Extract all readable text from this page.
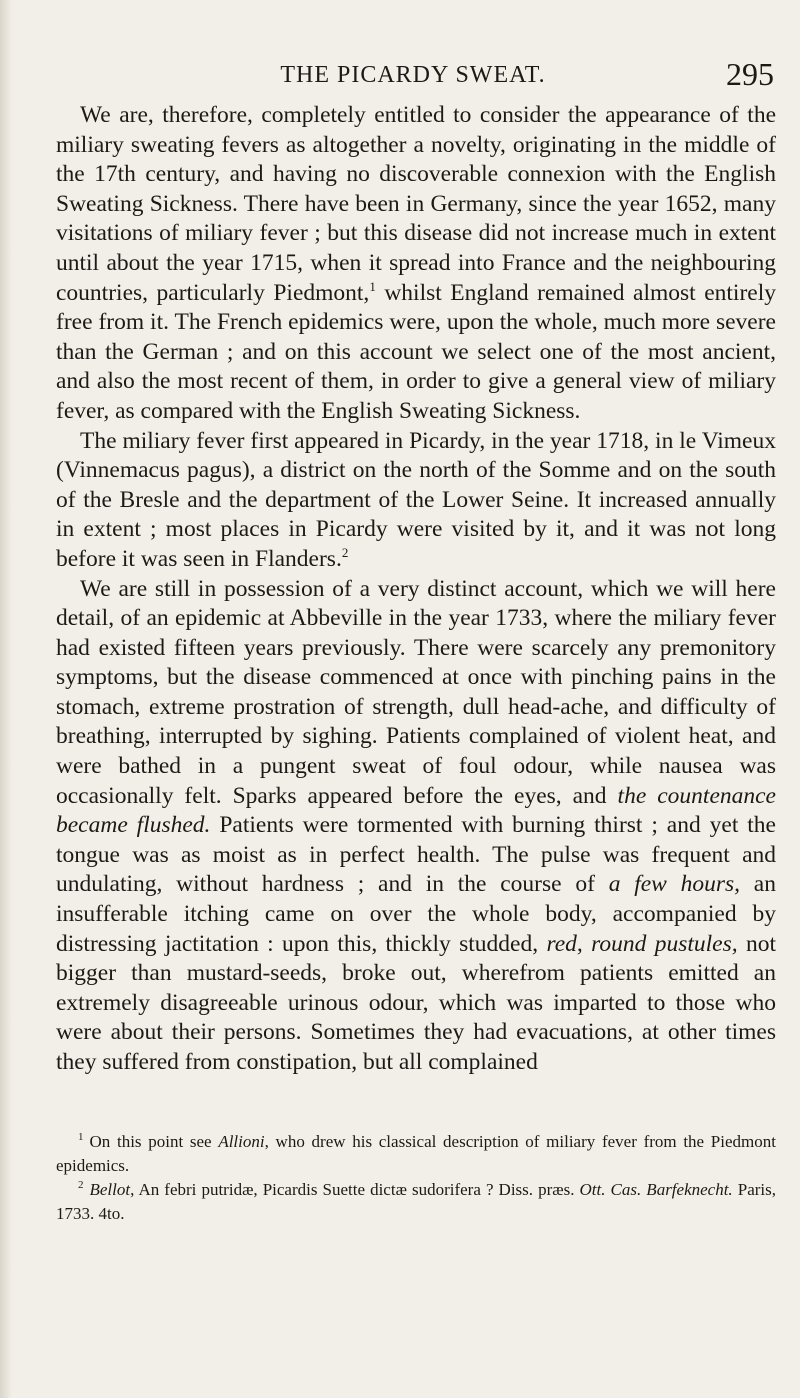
THE PICARDY SWEAT.	295

We are, therefore, completely entitled to consider the appearance of the miliary sweating fevers as altogether a novelty, originating in the middle of the 17th century, and having no discoverable connexion with the English Sweating Sickness. There have been in Germany, since the year 1652, many visitations of miliary fever ; but this disease did not increase much in extent until about the year 1715, when it spread into France and the neighbouring countries, particularly Piedmont,$^1$ whilst England remained almost entirely free from it. The French epidemics were, upon the whole, much more severe than the German ; and on this account we select one of the most ancient, and also the most recent of them, in order to give a general view of miliary fever, as compared with the English Sweating Sickness.

The miliary fever first appeared in Picardy, in the year 1718, in le Vimeux (Vinnemacus pagus), a district on the north of the Somme and on the south of the Bresle and the department of the Lower Seine. It increased annually in extent ; most places in Picardy were visited by it, and it was not long before it was seen in Flanders.$^2$

We are still in possession of a very distinct account, which we will here detail, of an epidemic at Abbeville in the year 1733, where the miliary fever had existed fifteen years previously. There were scarcely any premonitory symptoms, but the disease commenced at once with pinching pains in the stomach, extreme prostration of strength, dull head-ache, and difficulty of breathing, interrupted by sighing. Patients complained of violent heat, and were bathed in a pungent sweat of foul odour, while nausea was occasionally felt. Sparks appeared before the eyes, and the countenance became flushed. Patients were tormented with burning thirst ; and yet the tongue was as moist as in perfect health. The pulse was frequent and undulating, without hardness ; and in the course of a few hours, an insufferable itching came on over the whole body, accompanied by distressing jactitation : upon this, thickly studded, red, round pustules, not bigger than mustard-seeds, broke out, wherefrom patients emitted an extremely disagreeable urinous odour, which was imparted to those who were about their persons. Sometimes they had evacuations, at other times they suffered from constipation, but all complained

$^1$ On this point see Allioni, who drew his classical description of miliary fever from the Piedmont epidemics.

$^2$ Bellot, An febri putridæ, Picardis Suette dictæ sudorifera ? Diss. præs. Ott. Cas. Barfeknecht. Paris, 1733. 4to.
